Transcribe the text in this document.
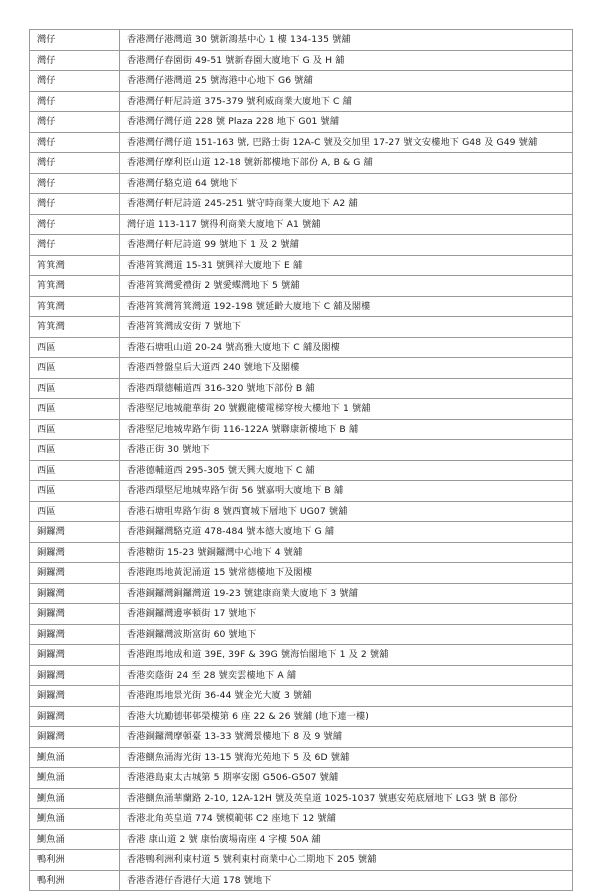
灣仔	香港灣仔港灣道 30 號新鴻基中心 1 樓 134-135 號舖
灣仔	香港灣仔春園街 49-51 號新春園大廈地下 G 及 H 舖
灣仔	香港灣仔港灣道 25 號海港中心地下 G6 號舖
灣仔	香港灣仔軒尼詩道 375-379 號利威商業大廈地下 C 舖
灣仔	香港灣仔灣仔道 228 號 Plaza 228 地下 G01 號舖
灣仔	香港灣仔灣仔道 151-163 號, 巴路士街 12A-C 號及交加里 17-27 號文安樓地下 G48 及 G49 號舖
灣仔	香港灣仔摩利臣山道 12-18 號新都樓地下部份 A, B & G 舖
灣仔	香港灣仔駱克道 64 號地下
灣仔	香港灣仔軒尼詩道 245-251 號守時商業大廈地下 A2 舖
灣仔	灣仔道 113-117 號得利商業大廈地下 A1 號舖
灣仔	香港灣仔軒尼詩道 99 號地下 1 及 2 號舖
筲箕灣	香港筲箕灣道 15-31 號興祥大廈地下 E 舖
筲箕灣	香港筲箕灣愛禮街 2 號愛蝶灣地下 5 號舖
筲箕灣	香港筲箕灣筲箕灣道 192-198 號延齡大廈地下 C 舖及閣樓
筲箕灣	香港筲箕灣成安街 7 號地下
西區	香港石塘咀山道 20-24 號高雅大廈地下 C 舖及閣樓
西區	香港西營盤皇后大道西 240 號地下及閣樓
西區	香港西環德輔道西 316-320 號地下部份 B 舖
西區	香港堅尼地城龍華街 20 號觀龍樓電梯穿梭大樓地下 1 號舖
西區	香港堅尼地城卑路乍街 116-122A 號聯康新樓地下 B 舖
西區	香港正街 30 號地下
西區	香港德輔道西 295-305 號天興大廈地下 C 舖
西區	香港西環堅尼地城卑路乍街 56 號嘉明大廈地下 B 舖
西區	香港石塘咀卑路乍街 8 號西寶城下層地下 UG07 號舖
銅鑼灣	香港銅鑼灣駱克道 478-484 號本德大廈地下 G 舖
銅鑼灣	香港糖街 15-23 號銅鑼灣中心地下 4 號舖
銅鑼灣	香港跑馬地黃泥涌道 15 號常德樓地下及閣樓
銅鑼灣	香港銅鑼灣銅鑼灣道 19-23 號建康商業大廈地下 3 號舖
銅鑼灣	香港銅鑼灣邊寧頓街 17 號地下
銅鑼灣	香港銅鑼灣波斯富街 60 號地下
銅鑼灣	香港跑馬地成和道 39E, 39F & 39G 號海怡閣地下 1 及 2 號舖
銅鑼灣	香港奕蔭街 24 至 28 號奕雲樓地下 A 舖
銅鑼灣	香港跑馬地景光街 36-44 號金光大廈 3 號舖
銅鑼灣	香港大坑勵德邨邨榮樓第 6 座 22 & 26 號舖 (地下連一樓)
銅鑼灣	香港銅鑼灣摩頓臺 13-33 號灣景樓地下 8 及 9 號舖
鰂魚涌	香港鰂魚涌海光街 13-15 號海光苑地下 5 及 6D 號舖
鰂魚涌	香港港島東太古城第 5 期寧安閣 G506-G507 號舖
鰂魚涌	香港鰂魚涌華蘭路 2-10, 12A-12H 號及英皇道 1025-1037 號惠安苑底層地下 LG3 號 B 部份
鰂魚涌	香港北角英皇道 774 號模範邨 C2 座地下 12 號舖
鰂魚涌	香港 康山道 2 號 康怡廣場南座 4 字樓 50A 舖
鴨利洲	香港鴨利洲利東村道 5 號利東村商業中心二期地下 205 號舖
鴨利洲	香港香港仔香港仔大道 178 號地下
